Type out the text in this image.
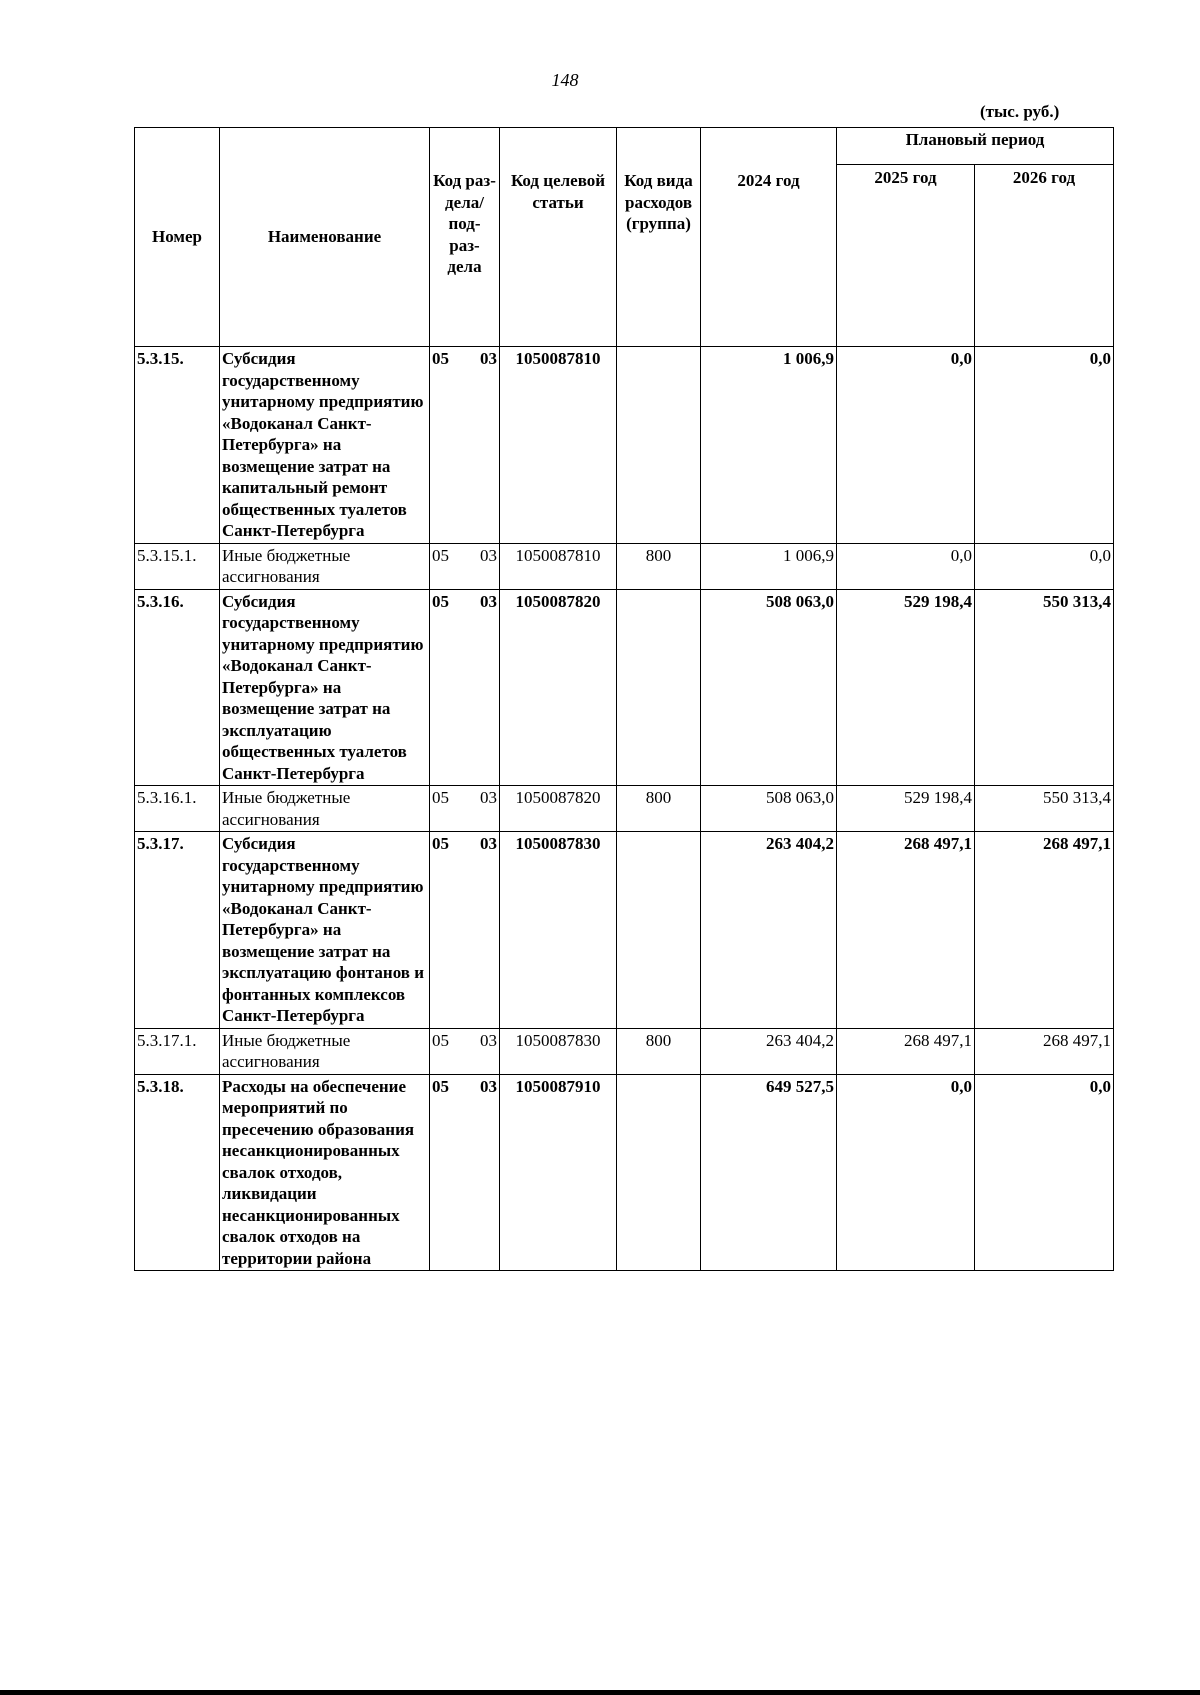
148
(тыс. руб.)
Номер	Наименование	Код раз- дела/ под- раз- дела	Код целевой статьи	Код вида расходов (группа)	2024 год	Плановый период	
						2025 год	2026 год
5.3.15.	Субсидия государственному унитарному предприятию «Водоканал Санкт-Петербурга» на возмещение затрат на капитальный ремонт общественных туалетов Санкт-Петербурга	05 03	1050087810		1 006,9	0,0	0,0
5.3.15.1.	Иные бюджетные ассигнования	05 03	1050087810	800	1 006,9	0,0	0,0
5.3.16.	Субсидия государственному унитарному предприятию «Водоканал Санкт-Петербурга» на возмещение затрат на эксплуатацию общественных туалетов Санкт-Петербурга	05 03	1050087820		508 063,0	529 198,4	550 313,4
5.3.16.1.	Иные бюджетные ассигнования	05 03	1050087820	800	508 063,0	529 198,4	550 313,4
5.3.17.	Субсидия государственному унитарному предприятию «Водоканал Санкт-Петербурга» на возмещение затрат на эксплуатацию фонтанов и фонтанных комплексов Санкт-Петербурга	05 03	1050087830		263 404,2	268 497,1	268 497,1
5.3.17.1.	Иные бюджетные ассигнования	05 03	1050087830	800	263 404,2	268 497,1	268 497,1
5.3.18.	Расходы на обеспечение мероприятий по пресечению образования несанкционированных свалок отходов, ликвидации несанкционированных свалок отходов на территории района	05 03	1050087910		649 527,5	0,0	0,0
